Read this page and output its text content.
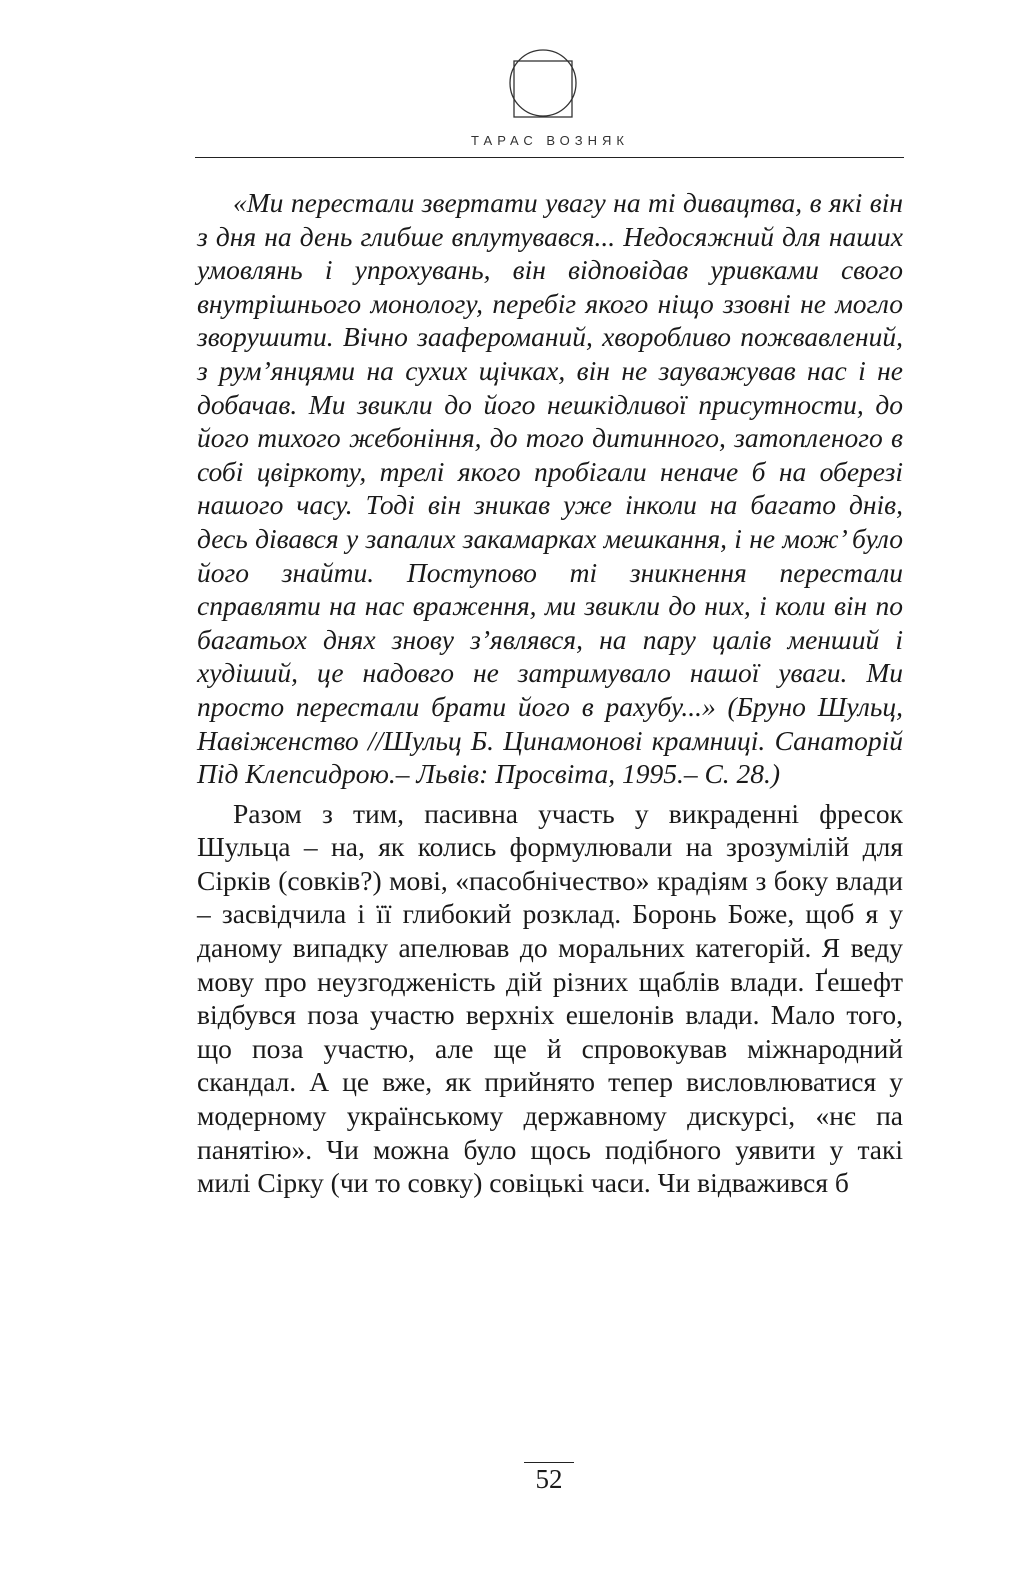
ТАРАС ВОЗНЯК

«Ми перестали звертати увагу на ті дивацтва, в які він з дня на день глибше вплутувався... Недосяжний для наших умовлянь і упрохувань, він відповідав уривками свого внутрішнього монологу, перебіг якого ніщо ззовні не могло зворушити. Вічно заафероманий, хворобливо пожвавлений, з рум’янцями на сухих щічках, він не зауважував нас і не добачав. Ми звикли до його нешкідливої присутности, до його тихого жебоніння, до того дитинного, затопленого в собі цвіркоту, трелі якого пробігали неначе б на оберезі нашого часу. Тоді він зникав уже інколи на багато днів, десь дівався у запалих закамарках мешкання, і не мож’ було його знайти. Поступово ті зникнення перестали справляти на нас враження, ми звикли до них, і коли він по багатьох днях знову з’являвся, на пару цалів менший і худіший, це надовго не затримувало нашої уваги. Ми просто перестали брати його в рахубу...» (Бруно Шульц, Навіженство //Шульц Б. Цинамонові крамниці. Санаторій Під Клепсидрою.– Львів: Просвіта, 1995.– С. 28.)

Разом з тим, пасивна участь у викраденні фресок Шульца – на, як колись формулювали на зрозумілій для Сірків (совків?) мові, «пасобнічество» крадіям з боку влади – засвідчила і її глибокий розклад. Боронь Боже, щоб я у даному випадку апелював до моральних категорій. Я веду мову про неузгодженість дій різних щаблів влади. Ґешефт відбувся поза участю верхніх ешелонів влади. Мало того, що поза участю, але ще й спровокував міжнародний скандал. А це вже, як прийнято тепер висловлюватися у модерному українському державному дискурсі, «нє па панятію». Чи можна було щось подібного уявити у такі милі Сірку (чи то совку) совіцькі часи. Чи відважився б

52
